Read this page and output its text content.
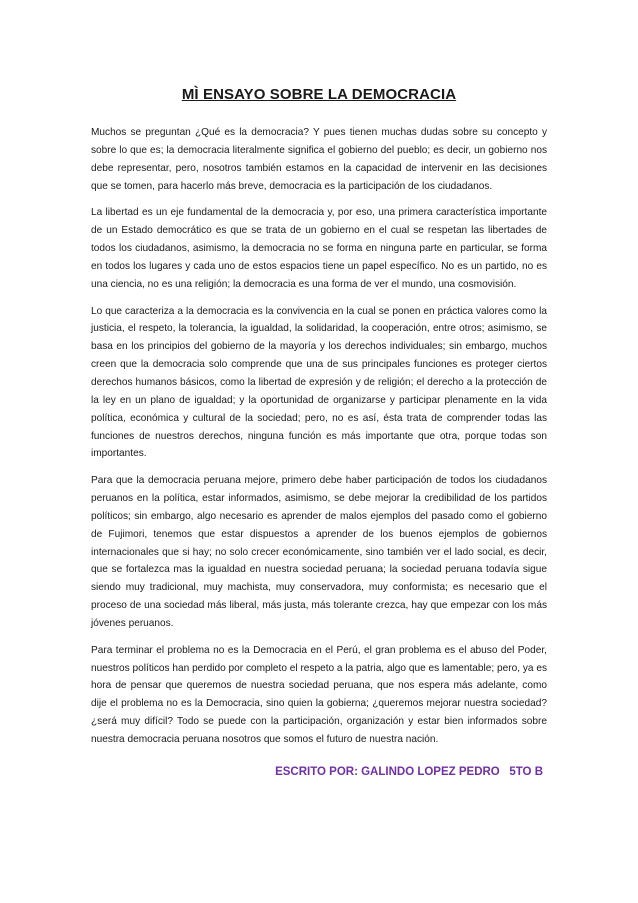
MÌ ENSAYO SOBRE LA DEMOCRACIA

Muchos se preguntan ¿Qué es la democracia? Y pues tienen muchas dudas sobre su concepto y sobre lo que es; la democracia literalmente significa el gobierno del pueblo; es decir, un gobierno nos debe representar, pero, nosotros también estamos en la capacidad de intervenir en las decisiones que se tomen, para hacerlo más breve, democracia es la participación de los ciudadanos.

La libertad es un eje fundamental de la democracia y, por eso, una primera característica importante de un Estado democrático es que se trata de un gobierno en el cual se respetan las libertades de todos los ciudadanos, asimismo, la democracia no se forma en ninguna parte en particular, se forma en todos los lugares y cada uno de estos espacios tiene un papel específico. No es un partido, no es una ciencia, no es una religión; la democracia es una forma de ver el mundo, una cosmovisión.

Lo que caracteriza a la democracia es la convivencia en la cual se ponen en práctica valores como la justicia, el respeto, la tolerancia, la igualdad, la solidaridad, la cooperación, entre otros; asimismo, se basa en los principios del gobierno de la mayoría y los derechos individuales; sin embargo, muchos creen que la democracia solo comprende que una de sus principales funciones es proteger ciertos derechos humanos básicos, como la libertad de expresión y de religión; el derecho a la protección de la ley en un plano de igualdad; y la oportunidad de organizarse y participar plenamente en la vida política, económica y cultural de la sociedad; pero, no es así, ésta trata de comprender todas las funciones de nuestros derechos, ninguna función es más importante que otra, porque todas son importantes.

Para que la democracia peruana mejore, primero debe haber participación de todos los ciudadanos peruanos en la política, estar informados, asimismo, se debe mejorar la credibilidad de los partidos políticos; sin embargo, algo necesario es aprender de malos ejemplos del pasado como el gobierno de Fujimori, tenemos que estar dispuestos a aprender de los buenos ejemplos de gobiernos internacionales que si hay; no solo crecer económicamente, sino también ver el lado social, es decir, que se fortalezca mas la igualdad en nuestra sociedad peruana; la sociedad peruana todavía sigue siendo muy tradicional, muy machista, muy conservadora, muy conformista; es necesario que el proceso de una sociedad más liberal, más justa, más tolerante crezca, hay que empezar con los más jóvenes peruanos.

Para terminar el problema no es la Democracia en el Perú, el gran problema es el abuso del Poder, nuestros políticos han perdido por completo el respeto a la patria, algo que es lamentable; pero, ya es hora de pensar que queremos de nuestra sociedad peruana, que nos espera más adelante, como dije el problema no es la Democracia, sino quien la gobierna; ¿queremos mejorar nuestra sociedad?¿será muy difícil? Todo se puede con la participación, organización y estar bien informados sobre nuestra democracia peruana nosotros que somos el futuro de nuestra nación.

ESCRITO POR: GALINDO LOPEZ PEDRO   5TO B
